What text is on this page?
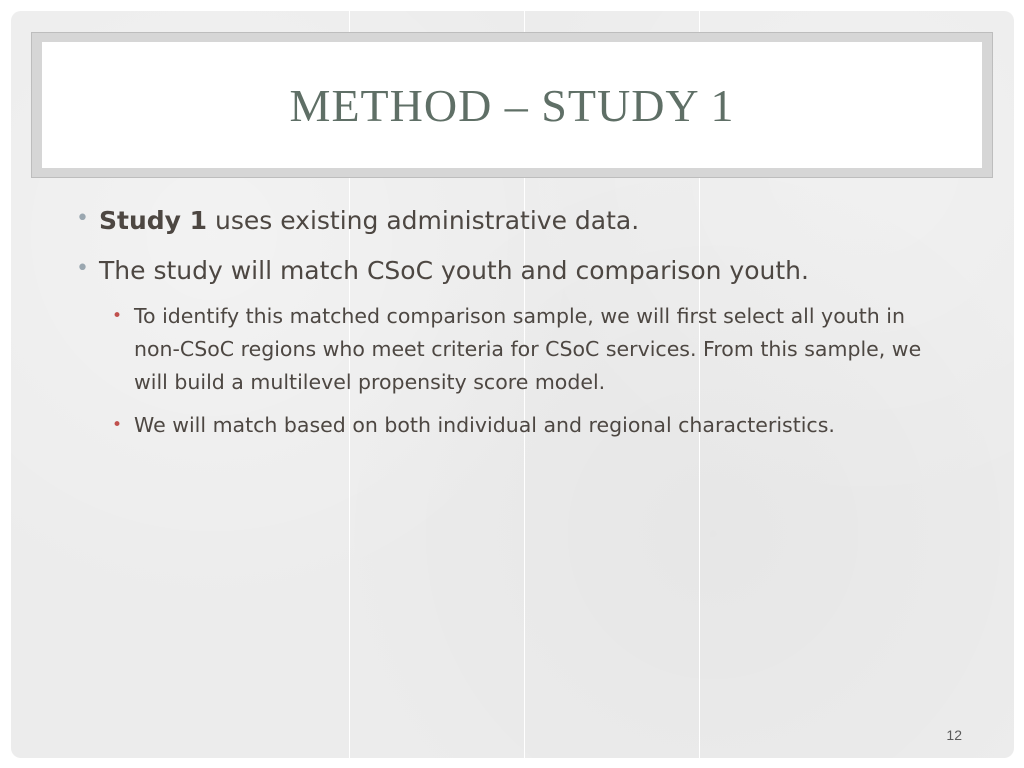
METHOD – STUDY 1
• Study 1 uses existing administrative data.
• The study will match CSoC youth and comparison youth.
• To identify this matched comparison sample, we will first select all youth in non-CSoC regions who meet criteria for CSoC services. From this sample, we will build a multilevel propensity score model.
• We will match based on both individual and regional characteristics.
12
